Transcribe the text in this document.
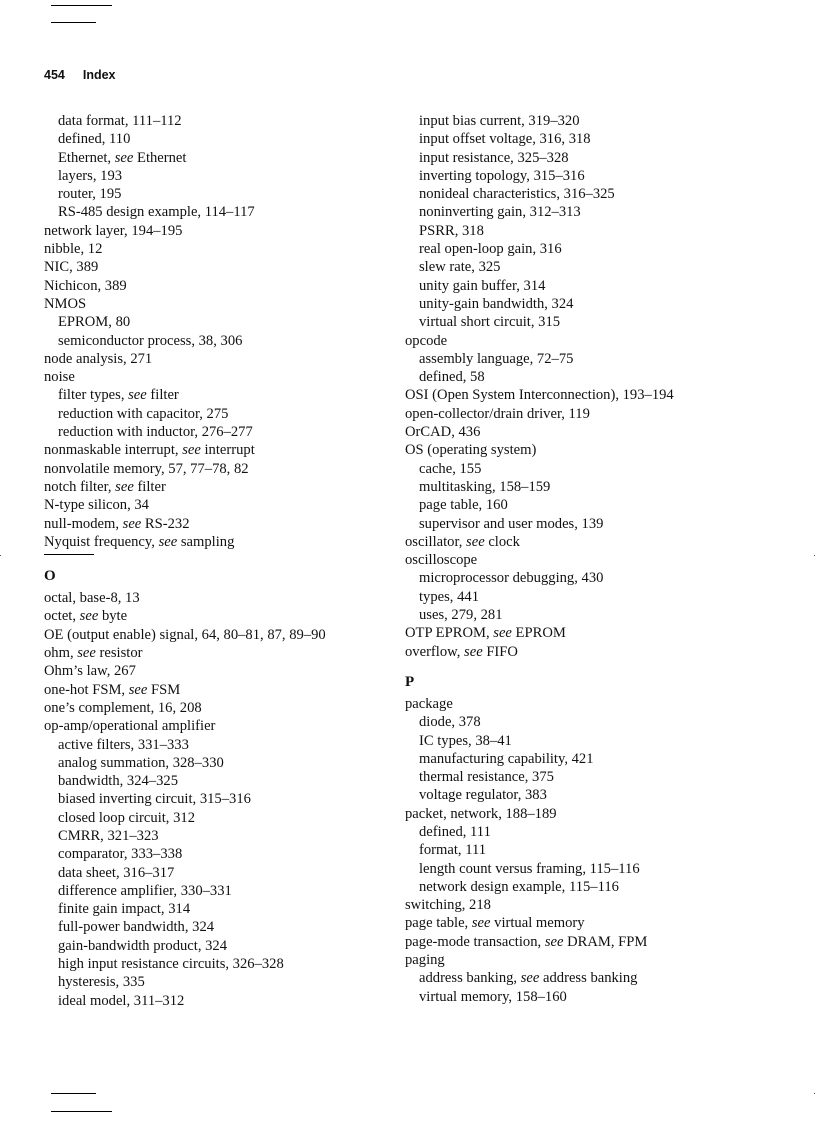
454 Index
data format, 111–112
defined, 110
Ethernet, see Ethernet
layers, 193
router, 195
RS-485 design example, 114–117
network layer, 194–195
nibble, 12
NIC, 389
Nichicon, 389
NMOS
EPROM, 80
semiconductor process, 38, 306
node analysis, 271
noise
filter types, see filter
reduction with capacitor, 275
reduction with inductor, 276–277
nonmaskable interrupt, see interrupt
nonvolatile memory, 57, 77–78, 82
notch filter, see filter
N-type silicon, 34
null-modem, see RS-232
Nyquist frequency, see sampling
O
octal, base-8, 13
octet, see byte
OE (output enable) signal, 64, 80–81, 87, 89–90
ohm, see resistor
Ohm’s law, 267
one-hot FSM, see FSM
one’s complement, 16, 208
op-amp/operational amplifier
active filters, 331–333
analog summation, 328–330
bandwidth, 324–325
biased inverting circuit, 315–316
closed loop circuit, 312
CMRR, 321–323
comparator, 333–338
data sheet, 316–317
difference amplifier, 330–331
finite gain impact, 314
full-power bandwidth, 324
gain-bandwidth product, 324
high input resistance circuits, 326–328
hysteresis, 335
ideal model, 311–312
input bias current, 319–320
input offset voltage, 316, 318
input resistance, 325–328
inverting topology, 315–316
nonideal characteristics, 316–325
noninverting gain, 312–313
PSRR, 318
real open-loop gain, 316
slew rate, 325
unity gain buffer, 314
unity-gain bandwidth, 324
virtual short circuit, 315
opcode
assembly language, 72–75
defined, 58
OSI (Open System Interconnection), 193–194
open-collector/drain driver, 119
OrCAD, 436
OS (operating system)
cache, 155
multitasking, 158–159
page table, 160
supervisor and user modes, 139
oscillator, see clock
oscilloscope
microprocessor debugging, 430
types, 441
uses, 279, 281
OTP EPROM, see EPROM
overflow, see FIFO
P
package
diode, 378
IC types, 38–41
manufacturing capability, 421
thermal resistance, 375
voltage regulator, 383
packet, network, 188–189
defined, 111
format, 111
length count versus framing, 115–116
network design example, 115–116
switching, 218
page table, see virtual memory
page-mode transaction, see DRAM, FPM
paging
address banking, see address banking
virtual memory, 158–160
